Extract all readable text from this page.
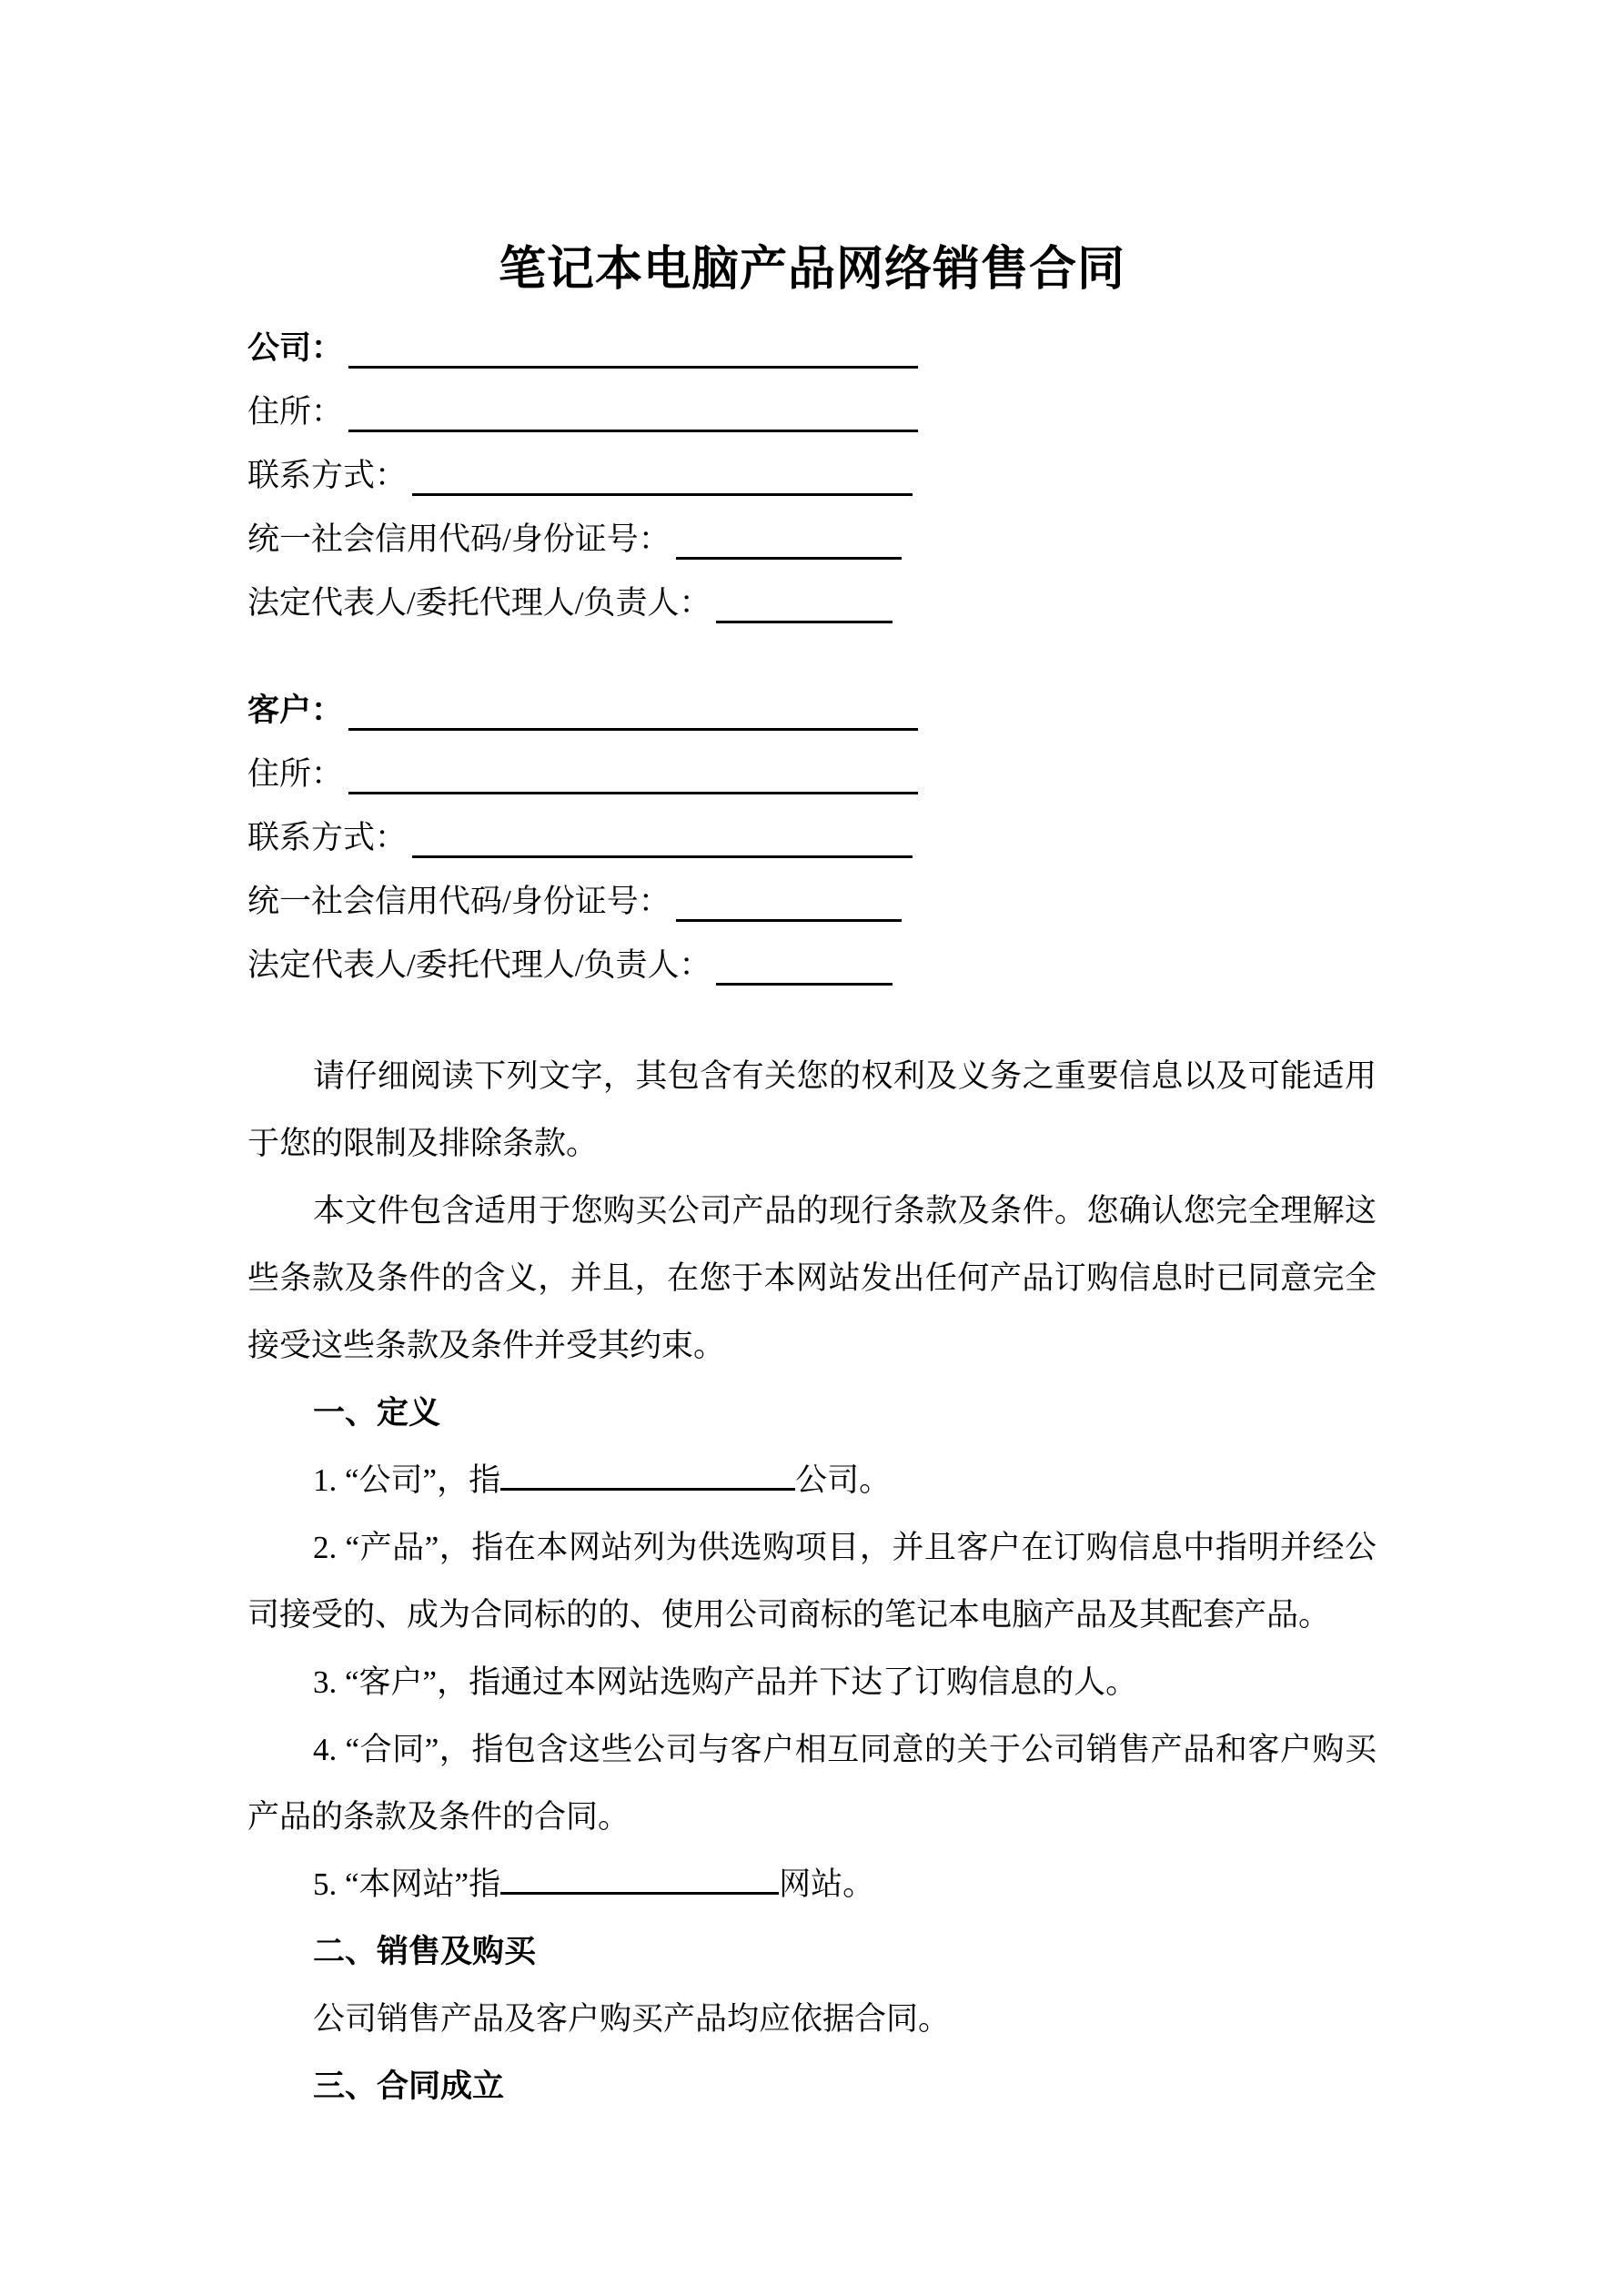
笔记本电脑产品网络销售合同
公司：
住所：
联系方式：
统一社会信用代码/身份证号：
法定代表人/委托代理人/负责人：
客户：
住所：
联系方式：
统一社会信用代码/身份证号：
法定代表人/委托代理人/负责人：

请仔细阅读下列文字，其包含有关您的权利及义务之重要信息以及可能适用于您的限制及排除条款。

本文件包含适用于您购买公司产品的现行条款及条件。您确认您完全理解这些条款及条件的含义，并且，在您于本网站发出任何产品订购信息时已同意完全接受这些条款及条件并受其约束。

一、定义

1. “公司”，指	公司。

2. “产品”，指在本网站列为供选购项目，并且客户在订购信息中指明并经公司接受的、成为合同标的的、使用公司商标的笔记本电脑产品及其配套产品。

3. “客户”，指通过本网站选购产品并下达了订购信息的人。

4. “合同”，指包含这些公司与客户相互同意的关于公司销售产品和客户购买产品的条款及条件的合同。

5. “本网站”指	网站。

二、销售及购买

公司销售产品及客户购买产品均应依据合同。

三、合同成立
